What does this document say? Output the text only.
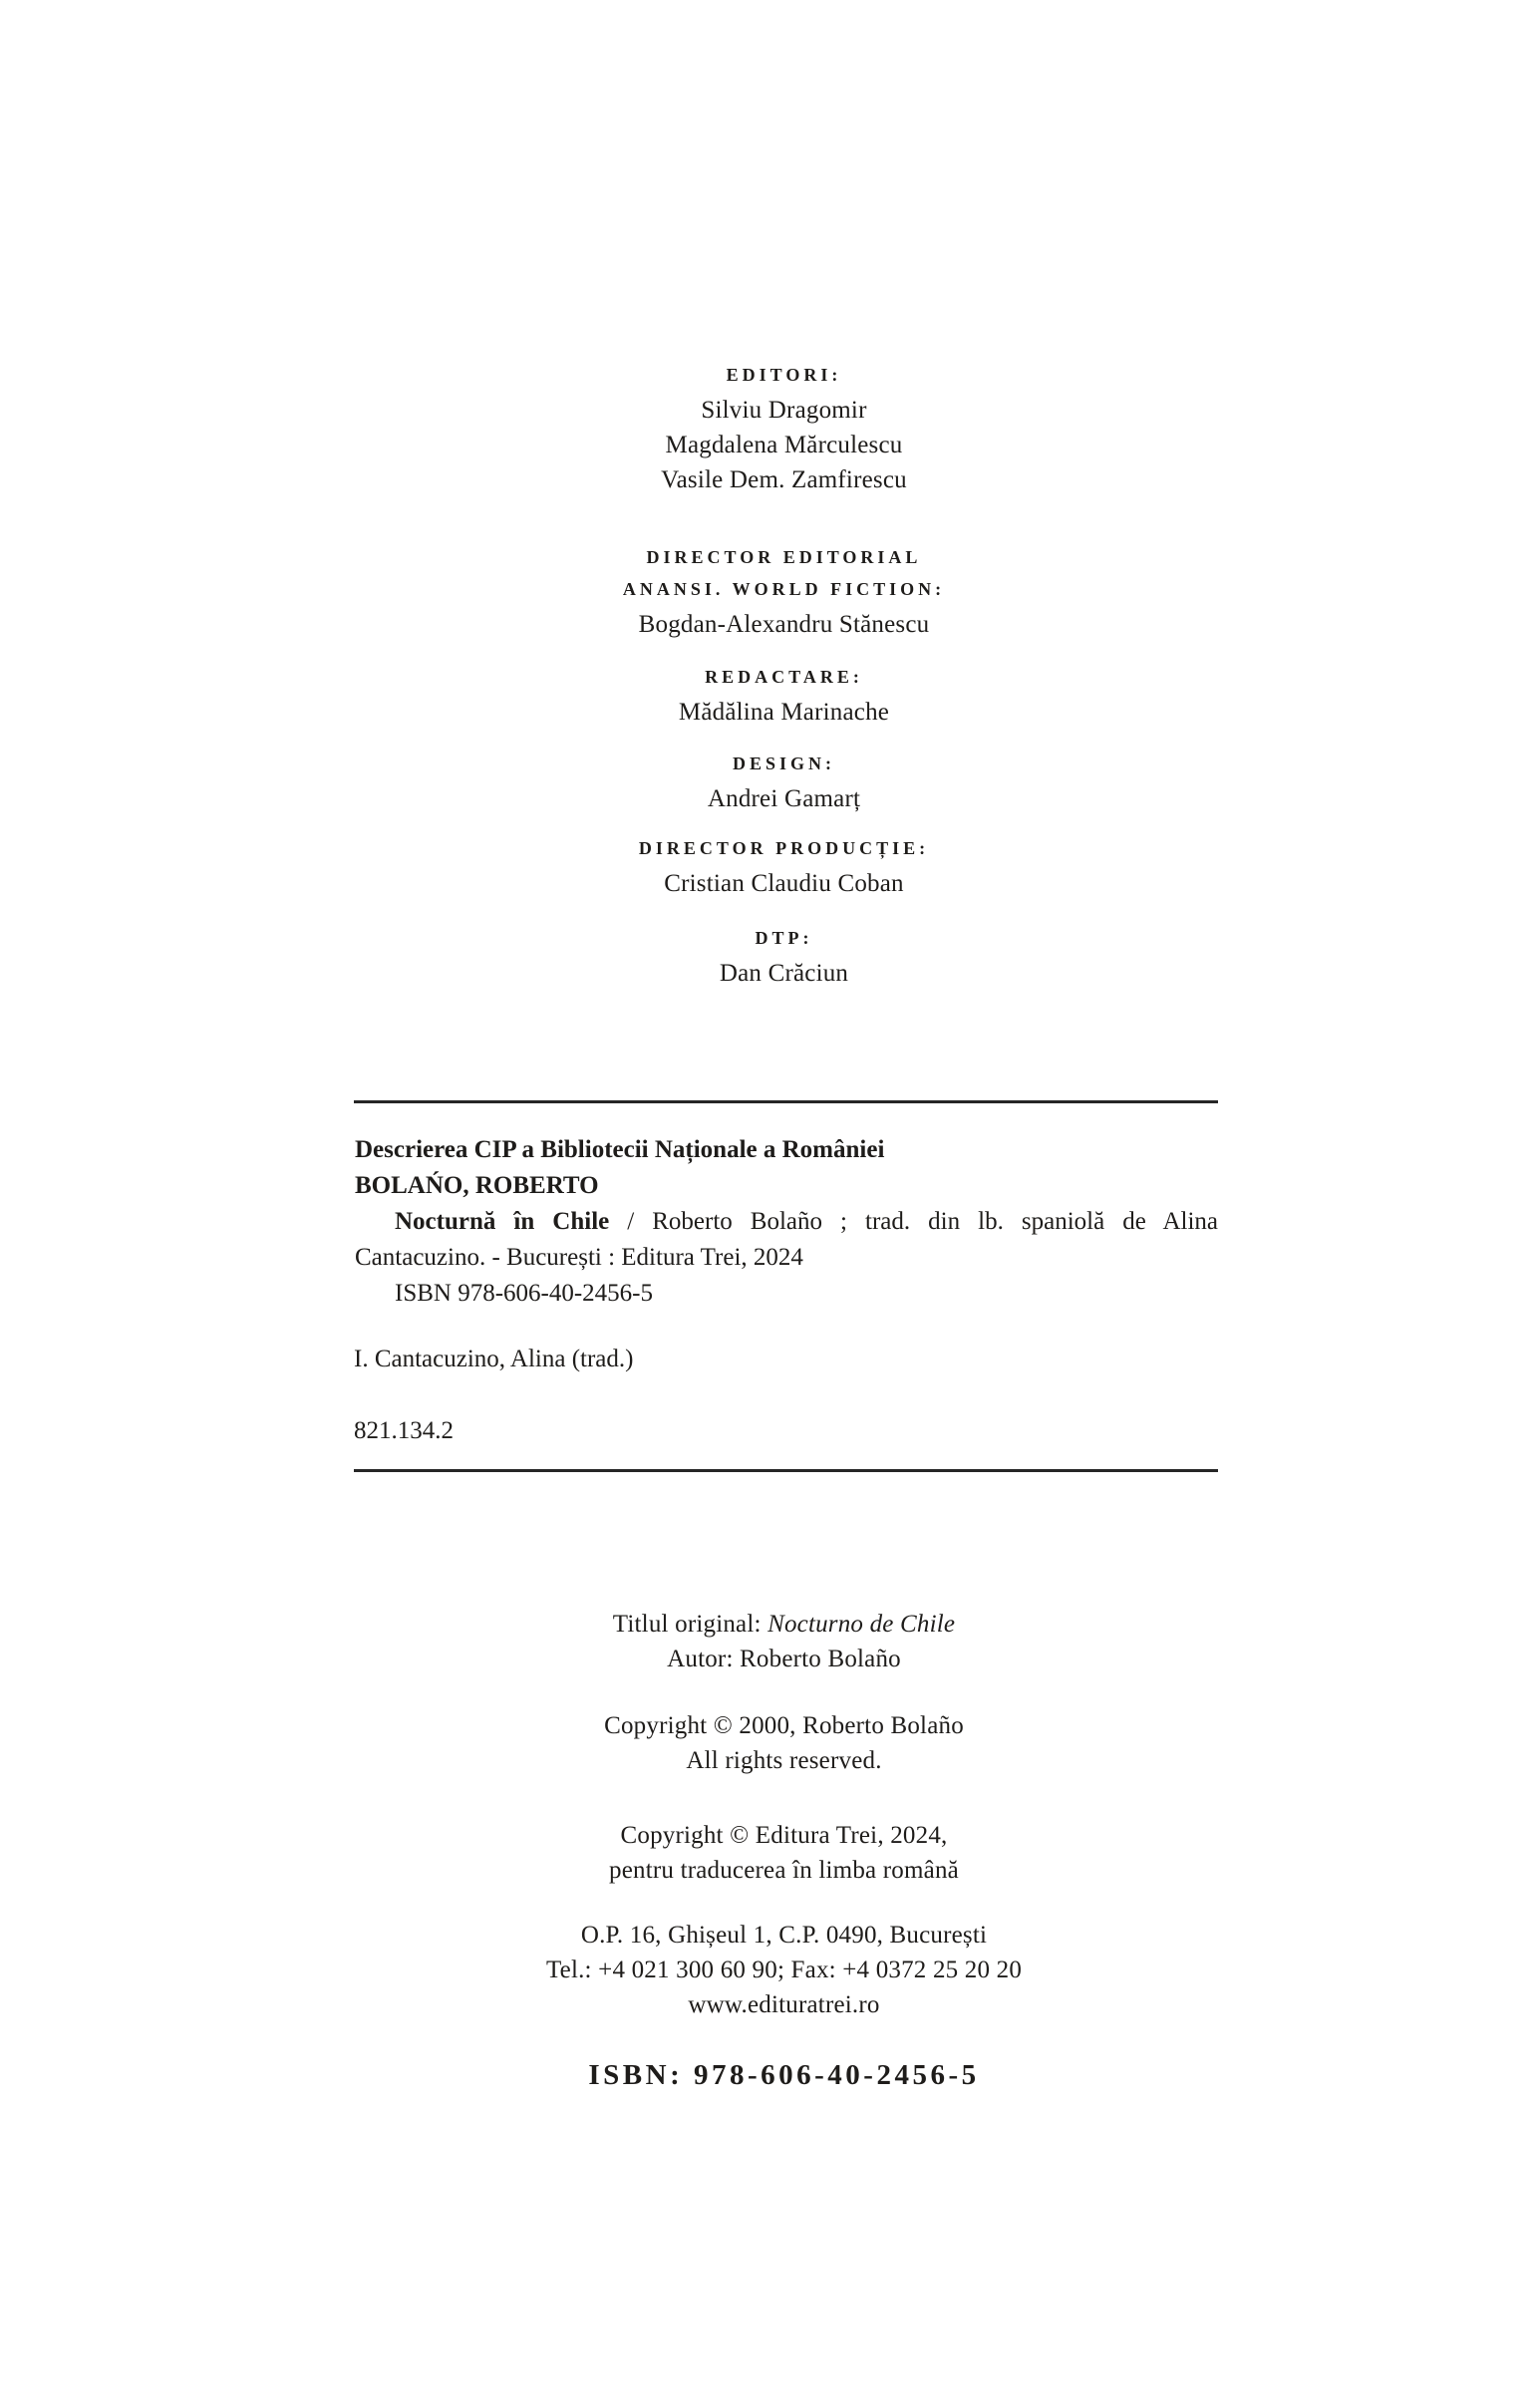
EDITORI:
Silviu Dragomir
Magdalena Mărculescu
Vasile Dem. Zamfirescu
DIRECTOR EDITORIAL
ANANSI. WORLD FICTION:
Bogdan-Alexandru Stănescu
REDACTARE:
Mădălina Marinache
DESIGN:
Andrei Gamarț
DIRECTOR PRODUCȚIE:
Cristian Claudiu Coban
DTP:
Dan Crăciun
Descrierea CIP a Bibliotecii Naționale a României
BOLAŃO, ROBERTO
Nocturnă în Chile / Roberto Bolaño ; trad. din lb. spaniolă de Alina
Cantacuzino. - București : Editura Trei, 2024
ISBN 978-606-40-2456-5
I. Cantacuzino, Alina (trad.)
821.134.2
Titlul original: Nocturno de Chile
Autor: Roberto Bolaño
Copyright © 2000, Roberto Bolaño
All rights reserved.
Copyright © Editura Trei, 2024,
pentru traducerea în limba română
O.P. 16, Ghișeul 1, C.P. 0490, București
Tel.: +4 021 300 60 90; Fax: +4 0372 25 20 20
www.edituratrei.ro
ISBN: 978-606-40-2456-5
